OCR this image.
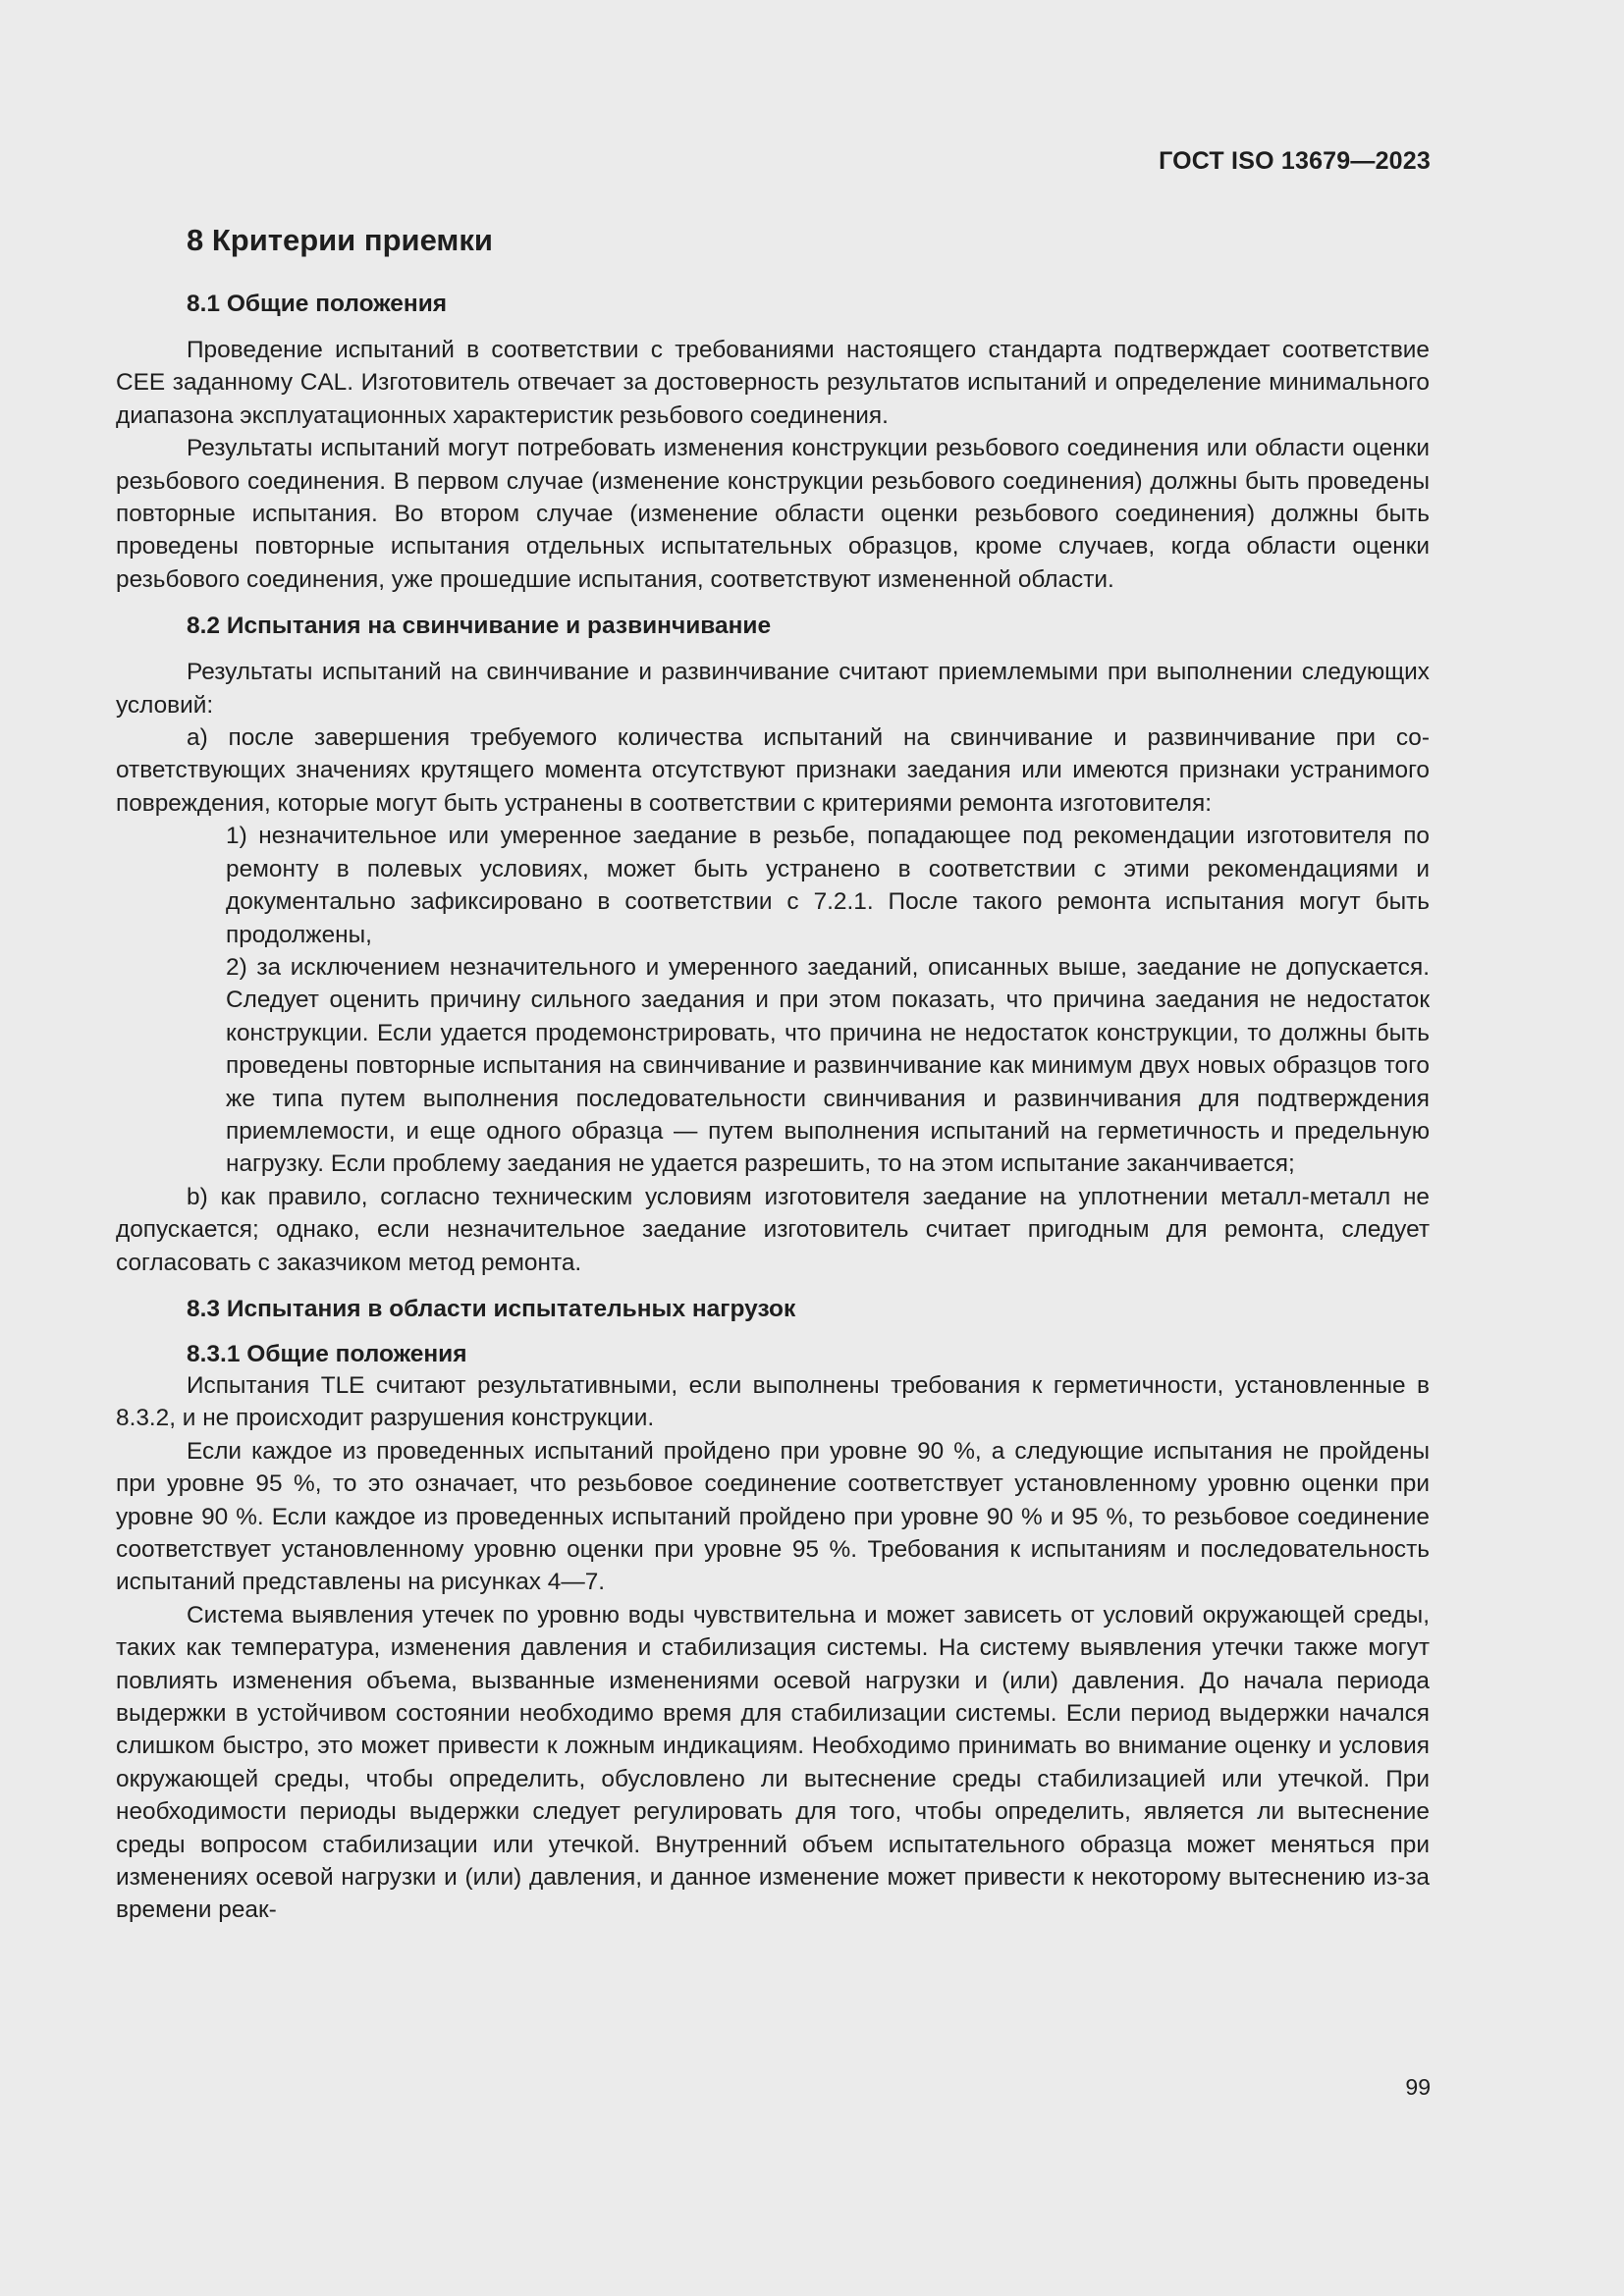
ГОСТ ISO 13679—2023
8 Критерии приемки
8.1 Общие положения

Проведение испытаний в соответствии с требованиями настоящего стандарта подтверждает соответствие CEE заданному CAL. Изготовитель отвечает за достоверность результатов испытаний и определение минимального диапазона эксплуатационных характеристик резьбового соединения.

Результаты испытаний могут потребовать изменения конструкции резьбового соединения или области оценки резьбового соединения. В первом случае (изменение конструкции резьбового соединения) должны быть проведены повторные испытания. Во втором случае (изменение области оценки резьбового соединения) должны быть проведены повторные испытания отдельных испытательных образцов, кроме случаев, когда области оценки резьбового соединения, уже прошедшие испытания, соответствуют измененной области.

8.2 Испытания на свинчивание и развинчивание

Результаты испытаний на свинчивание и развинчивание считают приемлемыми при выполнении следующих условий:

а) после завершения требуемого количества испытаний на свинчивание и развинчивание при соответствующих значениях крутящего момента отсутствуют признаки заедания или имеются признаки устранимого повреждения, которые могут быть устранены в соответствии с критериями ремонта изготовителя:

1) незначительное или умеренное заедание в резьбе, попадающее под рекомендации изготовителя по ремонту в полевых условиях, может быть устранено в соответствии с этими рекомендациями и документально зафиксировано в соответствии с 7.2.1. После такого ремонта испытания могут быть продолжены,

2) за исключением незначительного и умеренного заеданий, описанных выше, заедание не допускается. Следует оценить причину сильного заедания и при этом показать, что причина заедания не недостаток конструкции. Если удается продемонстрировать, что причина не недостаток конструкции, то должны быть проведены повторные испытания на свинчивание и развинчивание как минимум двух новых образцов того же типа путем выполнения последовательности свинчивания и развинчивания для подтверждения приемлемости, и еще одного образца — путем выполнения испытаний на герметичность и предельную нагрузку. Если проблему заедания не удается разрешить, то на этом испытание заканчивается;

b) как правило, согласно техническим условиям изготовителя заедание на уплотнении металл-металл не допускается; однако, если незначительное заедание изготовитель считает пригодным для ремонта, следует согласовать с заказчиком метод ремонта.

8.3 Испытания в области испытательных нагрузок
8.3.1 Общие положения

Испытания TLE считают результативными, если выполнены требования к герметичности, установленные в 8.3.2, и не происходит разрушения конструкции.

Если каждое из проведенных испытаний пройдено при уровне 90 %, а следующие испытания не пройдены при уровне 95 %, то это означает, что резьбовое соединение соответствует установленному уровню оценки при уровне 90 %. Если каждое из проведенных испытаний пройдено при уровне 90 % и 95 %, то резьбовое соединение соответствует установленному уровню оценки при уровне 95 %. Требования к испытаниям и последовательность испытаний представлены на рисунках 4—7.

Система выявления утечек по уровню воды чувствительна и может зависеть от условий окружающей среды, таких как температура, изменения давления и стабилизация системы. На систему выявления утечки также могут повлиять изменения объема, вызванные изменениями осевой нагрузки и (или) давления. До начала периода выдержки в устойчивом состоянии необходимо время для стабилизации системы. Если период выдержки начался слишком быстро, это может привести к ложным индикациям. Необходимо принимать во внимание оценку и условия окружающей среды, чтобы определить, обусловлено ли вытеснение среды стабилизацией или утечкой. При необходимости периоды выдержки следует регулировать для того, чтобы определить, является ли вытеснение среды вопросом стабилизации или утечкой. Внутренний объем испытательного образца может меняться при изменениях осевой нагрузки и (или) давления, и данное изменение может привести к некоторому вытеснению из-за времени реак-

99
